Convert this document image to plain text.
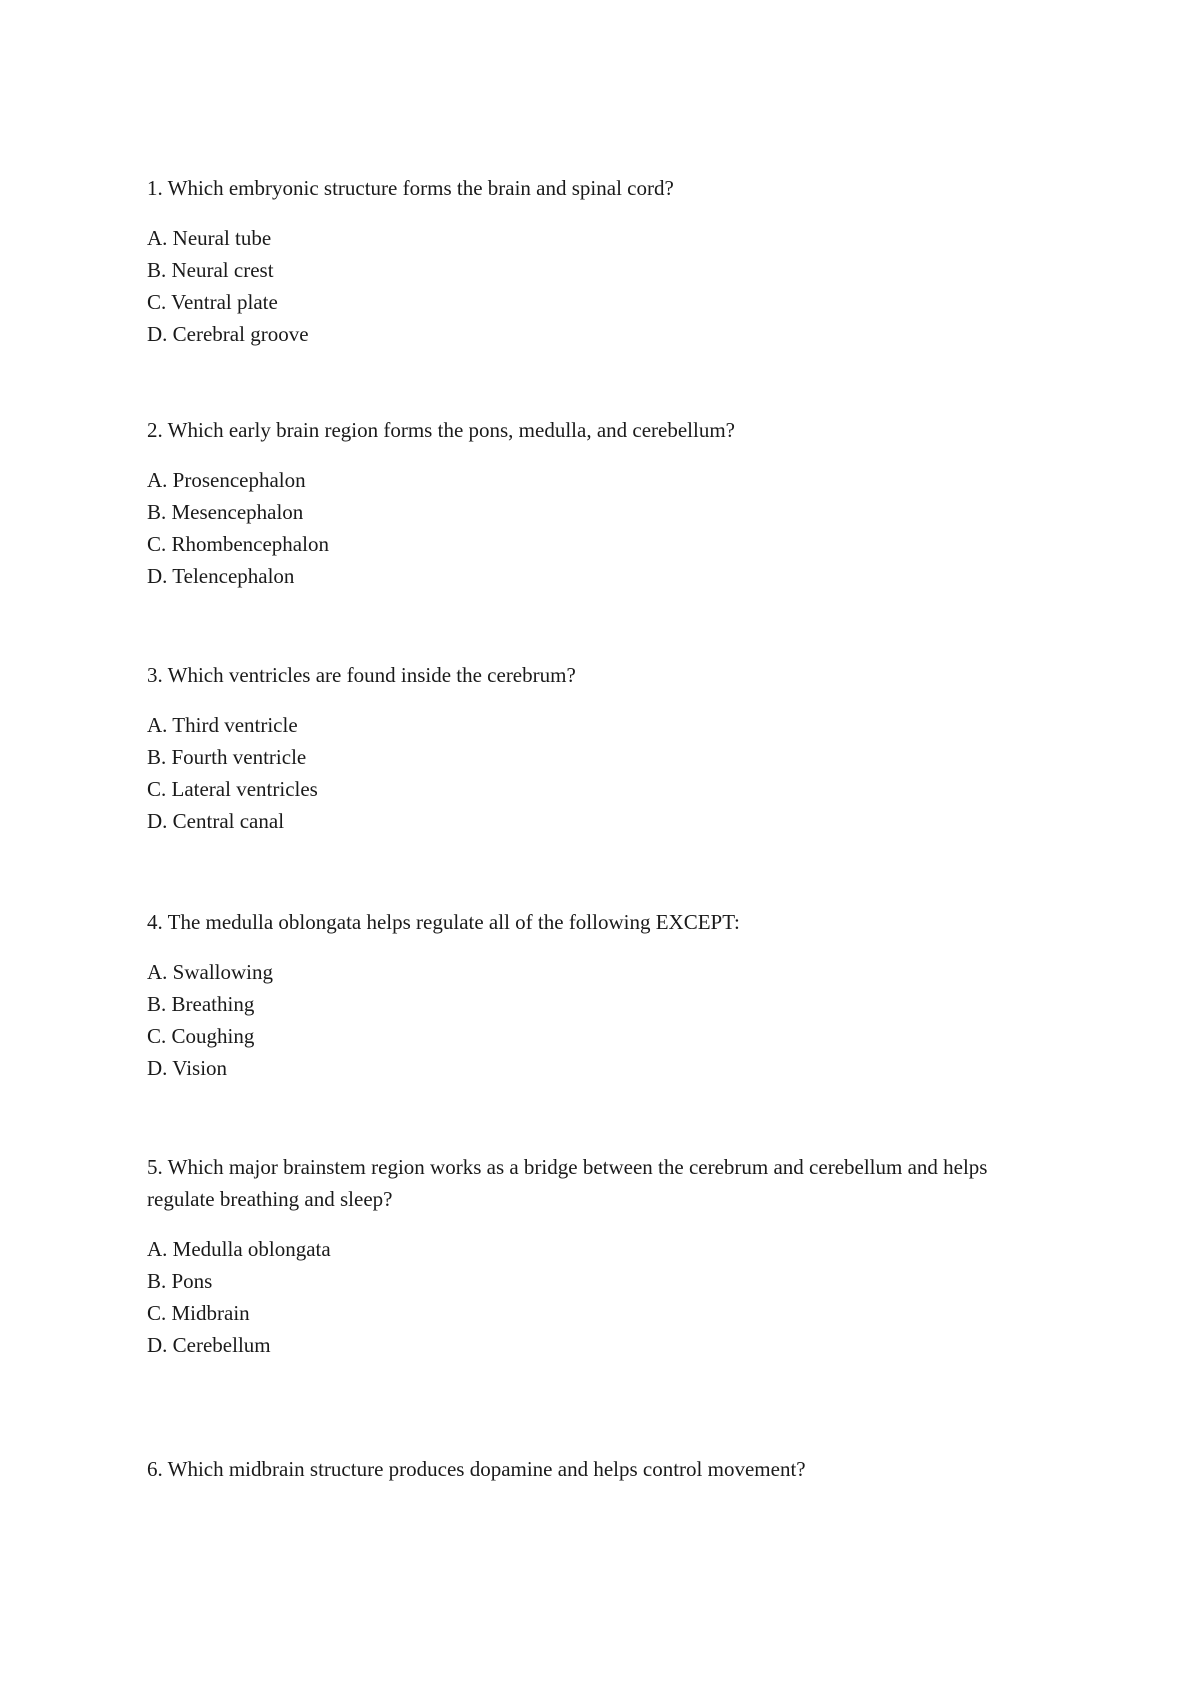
1. Which embryonic structure forms the brain and spinal cord?

A. Neural tube
B. Neural crest
C. Ventral plate
D. Cerebral groove

2. Which early brain region forms the pons, medulla, and cerebellum?

A. Prosencephalon
B. Mesencephalon
C. Rhombencephalon
D. Telencephalon

3. Which ventricles are found inside the cerebrum?

A. Third ventricle
B. Fourth ventricle
C. Lateral ventricles
D. Central canal

4. The medulla oblongata helps regulate all of the following EXCEPT:

A. Swallowing
B. Breathing
C. Coughing
D. Vision

5. Which major brainstem region works as a bridge between the cerebrum and cerebellum and helps regulate breathing and sleep?

A. Medulla oblongata
B. Pons
C. Midbrain
D. Cerebellum

6. Which midbrain structure produces dopamine and helps control movement?
